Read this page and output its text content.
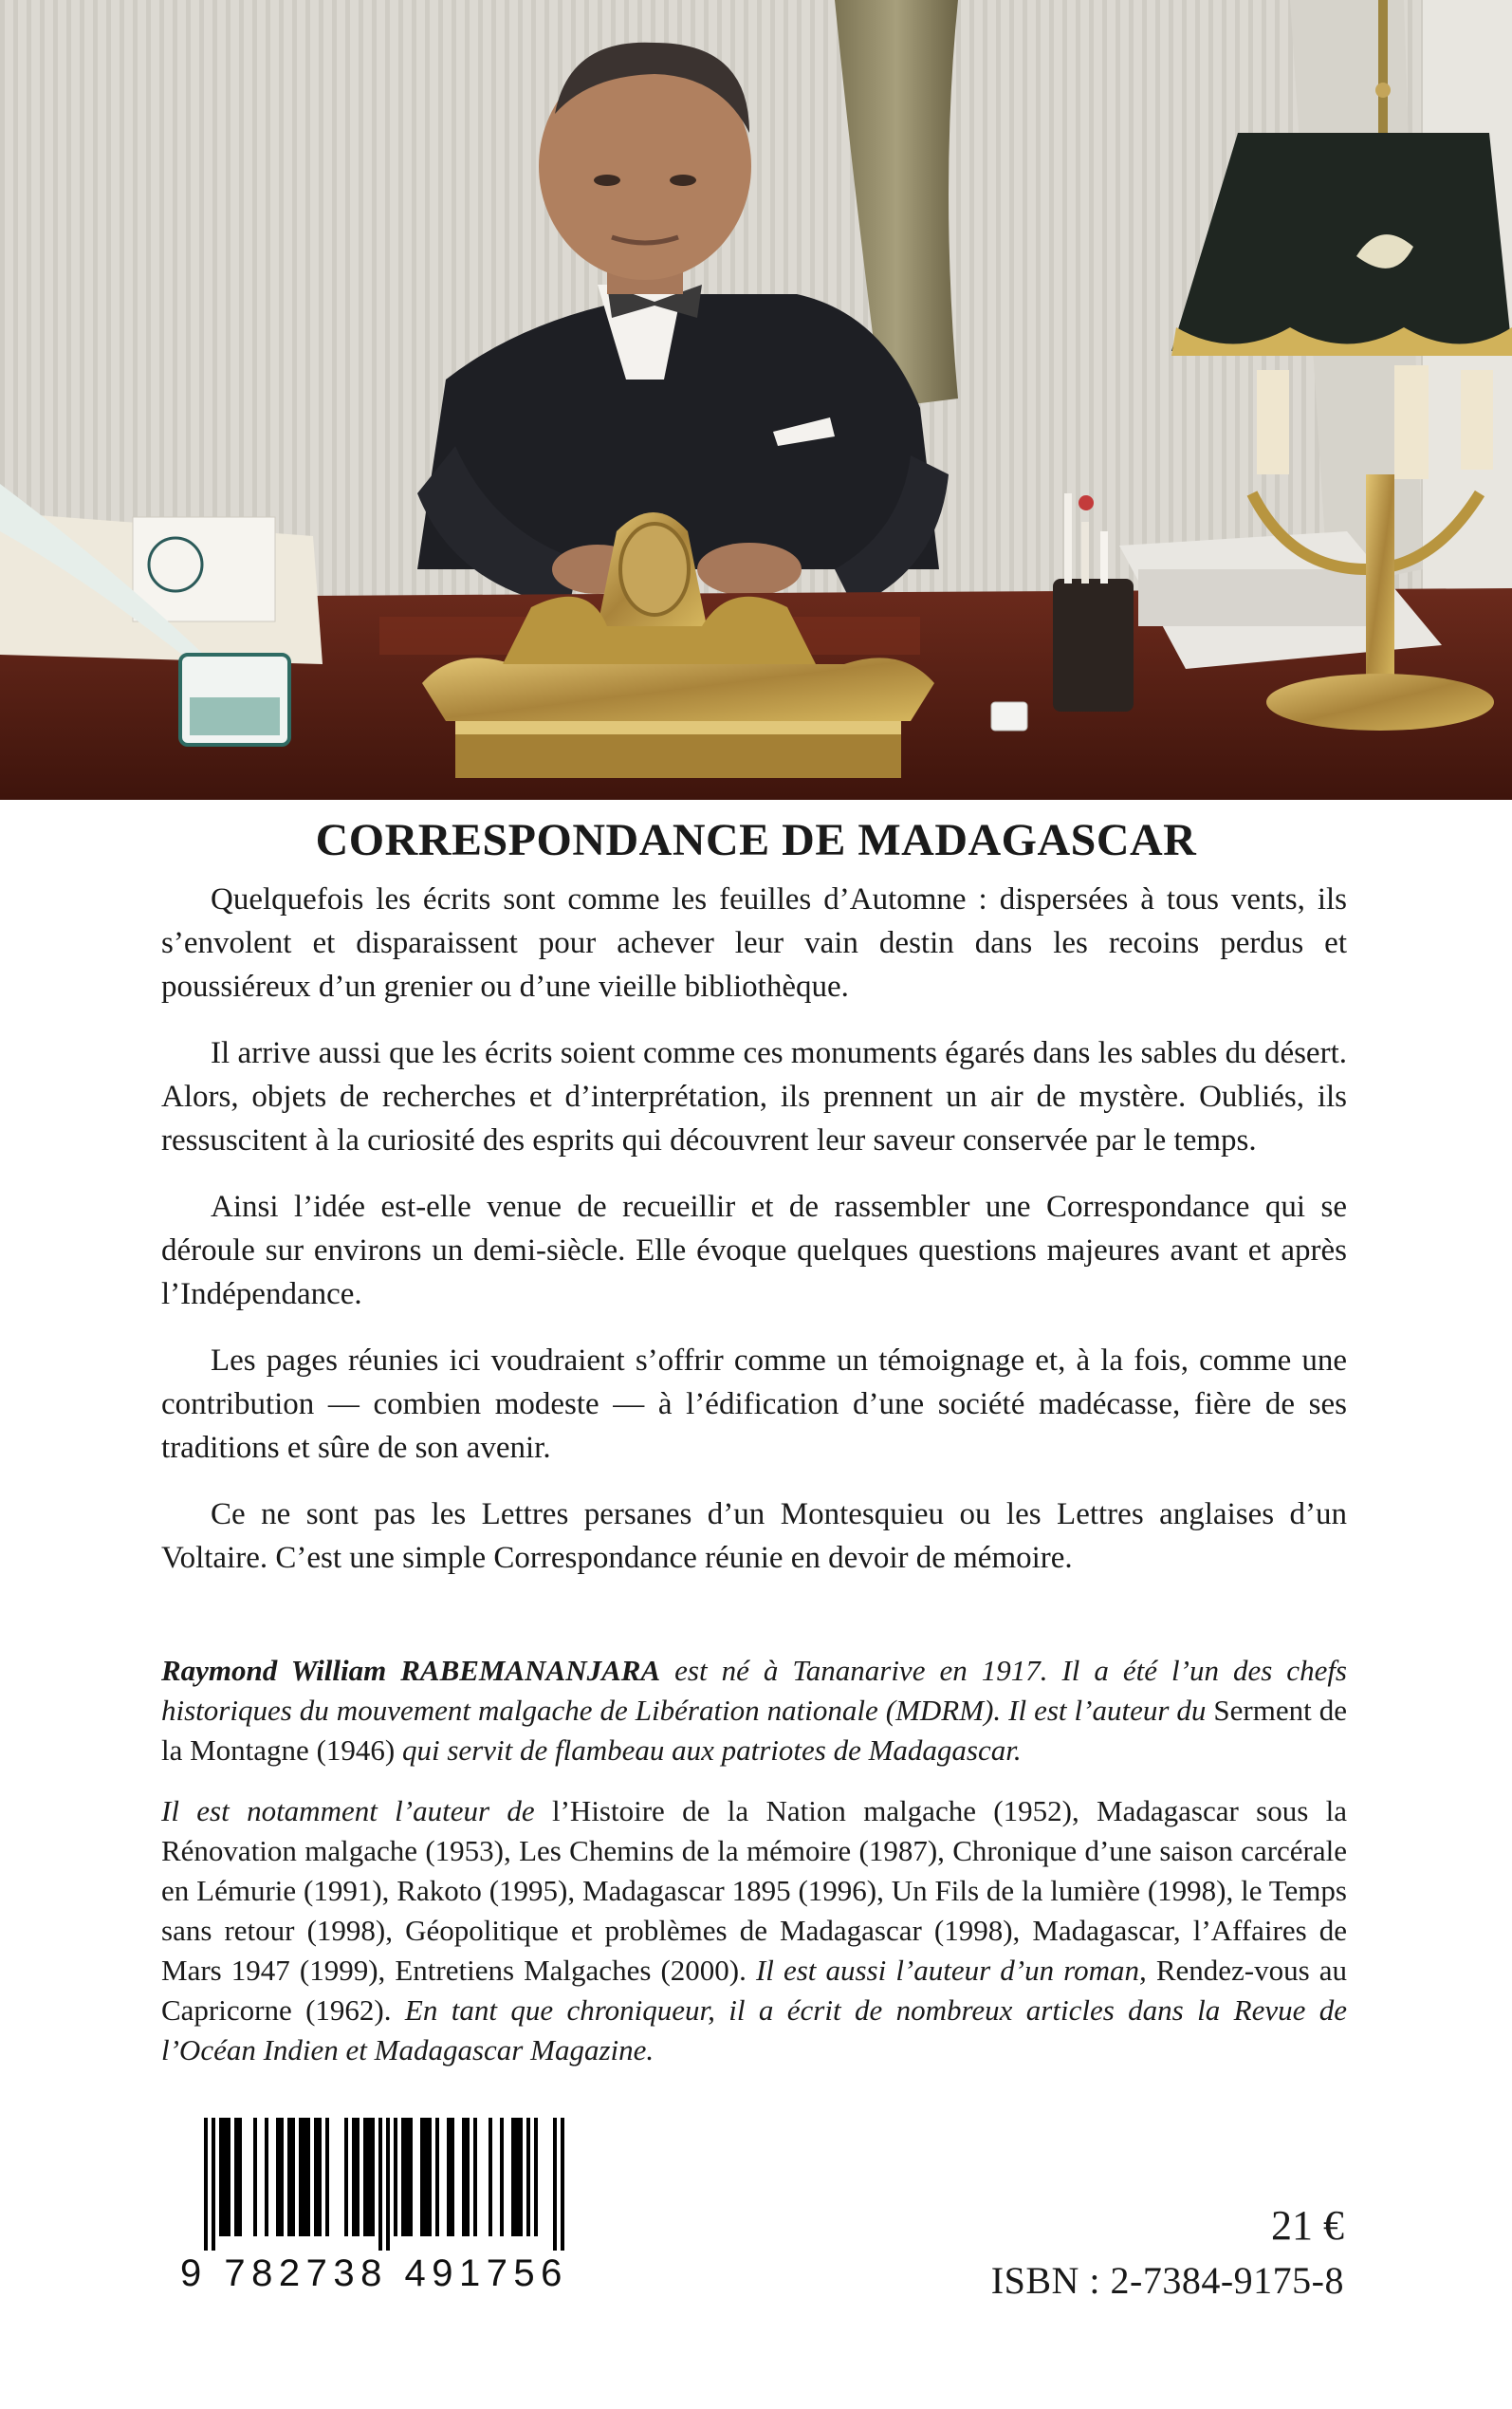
CORRESPONDANCE DE MADAGASCAR

Quelquefois les écrits sont comme les feuilles d’Automne : dispersées à tous vents, ils s’envolent et disparaissent pour achever leur vain destin dans les recoins perdus et poussiéreux d’un grenier ou d’une vieille bibliothèque.

Il arrive aussi que les écrits soient comme ces monuments égarés dans les sables du désert. Alors, objets de recherches et d’interprétation, ils prennent un air de mystère. Oubliés, ils ressuscitent à la curiosité des esprits qui découvrent leur saveur conservée par le temps.

Ainsi l’idée est-elle venue de recueillir et de rassembler une Correspondance qui se déroule sur environs un demi-siècle. Elle évoque quelques questions majeures avant et après l’Indépendance.

Les pages réunies ici voudraient s’offrir comme un témoignage et, à la fois, comme une contribution — combien modeste — à l’édification d’une société madécasse, fière de ses traditions et sûre de son avenir.

Ce ne sont pas les Lettres persanes d’un Montesquieu ou les Lettres anglaises d’un Voltaire. C’est une simple Correspondance réunie en devoir de mémoire.

Raymond William RABEMANANJARA est né à Tananarive en 1917. Il a été l’un des chefs historiques du mouvement malgache de Libération nationale (MDRM). Il est l’auteur du Serment de la Montagne (1946) qui servit de flambeau aux patriotes de Madagascar.

Il est notamment l’auteur de l’Histoire de la Nation malgache (1952), Madagascar sous la Rénovation malgache (1953), Les Chemins de la mémoire (1987), Chronique d’une saison carcérale en Lémurie (1991), Rakoto (1995), Madagascar 1895 (1996), Un Fils de la lumière (1998), le Temps sans retour (1998), Géopolitique et problèmes de Madagascar (1998), Madagascar, l’Affaires de Mars 1947 (1999), Entretiens Malgaches (2000). Il est aussi l’auteur d’un roman, Rendez-vous au Capricorne (1962). En tant que chroniqueur, il a écrit de nombreux articles dans la Revue de l’Océan Indien et Madagascar Magazine.

9 782738 491756
21 €
ISBN : 2-7384-9175-8
